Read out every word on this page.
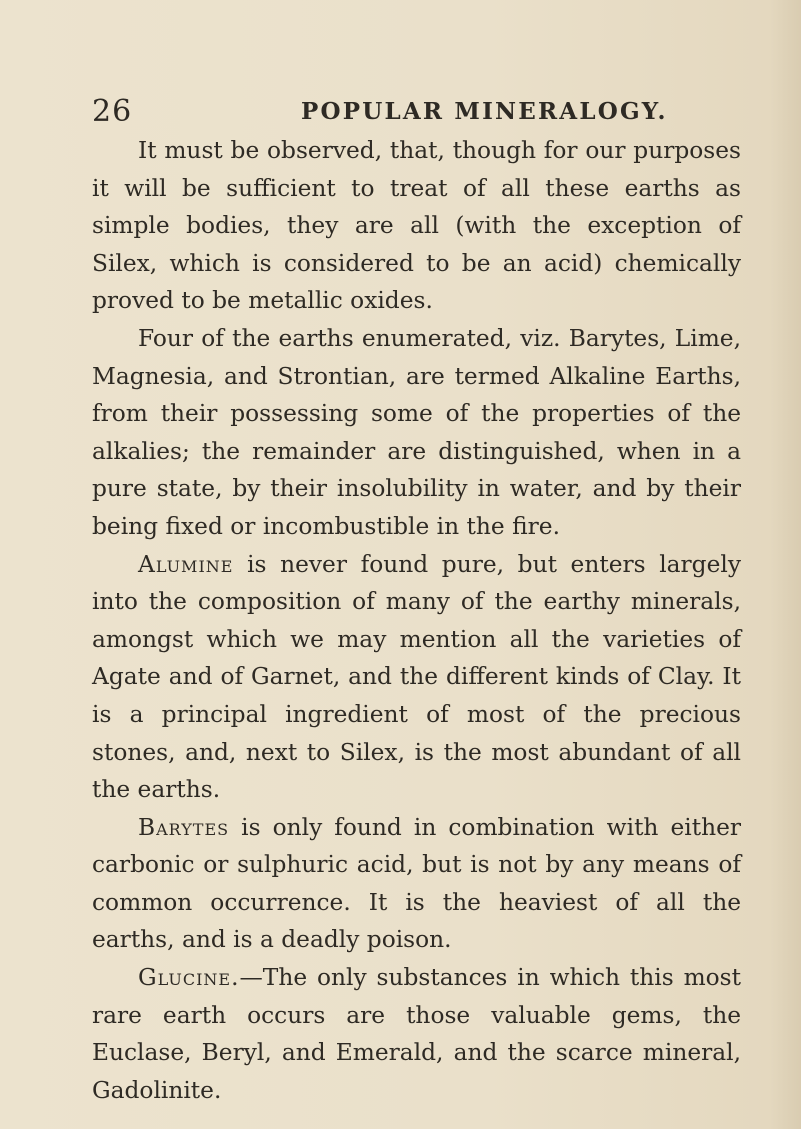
26	POPULAR MINERALOGY.

It must be observed, that, though for our purposes it will be sufficient to treat of all these earths as simple bodies, they are all (with the exception of Silex, which is considered to be an acid) chemically proved to be metallic oxides.

Four of the earths enumerated, viz. Barytes, Lime, Magnesia, and Strontian, are termed Alkaline Earths, from their possessing some of the properties of the alkalies; the remainder are distinguished, when in a pure state, by their insolubility in water, and by their being fixed or incombustible in the fire.

Alumine is never found pure, but enters largely into the composition of many of the earthy minerals, amongst which we may mention all the varieties of Agate and of Garnet, and the different kinds of Clay. It is a principal ingredient of most of the precious stones, and, next to Silex, is the most abundant of all the earths.

Barytes is only found in combination with either carbonic or sulphuric acid, but is not by any means of common occurrence. It is the heaviest of all the earths, and is a deadly poison.

Glucine.—The only substances in which this most rare earth occurs are those valuable gems, the Euclase, Beryl, and Emerald, and the scarce mineral, Gadolinite.
